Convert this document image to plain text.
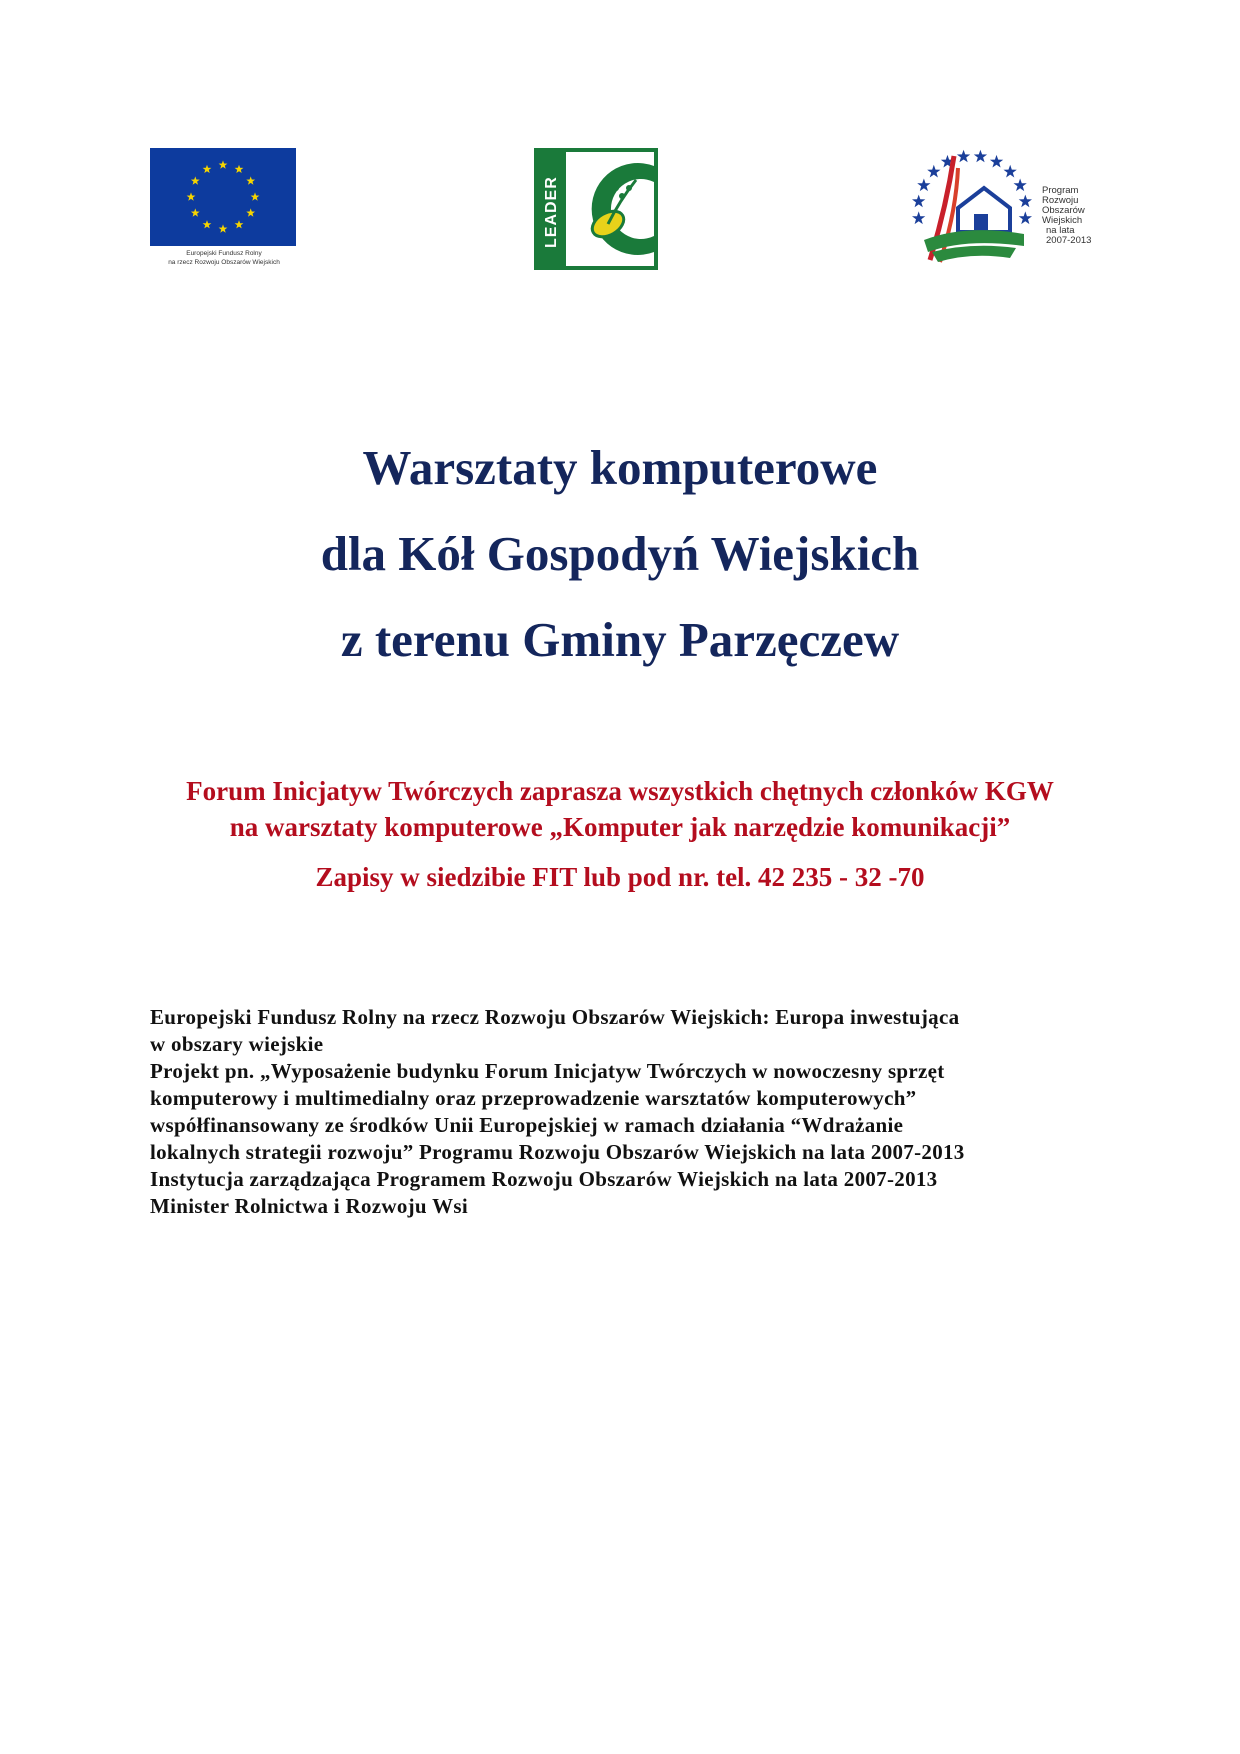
Europejski Fundusz Rolny
na rzecz Rozwoju Obszarów Wiejskich
LEADER	Program
Rozwoju
Obszarów
Wiejskich
na lata 2007-2013
Warsztaty komputerowe
dla Kół Gospodyń Wiejskich
z terenu Gminy Parzęczew
Forum Inicjatyw Twórczych zaprasza wszystkich chętnych członków KGW
na warsztaty komputerowe „Komputer jak narzędzie komunikacji”
Zapisy w siedzibie FIT lub pod nr. tel. 42 235 - 32 -70
Europejski Fundusz Rolny na rzecz Rozwoju Obszarów Wiejskich: Europa inwestująca
w obszary wiejskie
Projekt pn. „Wyposażenie budynku Forum Inicjatyw Twórczych w nowoczesny sprzęt
komputerowy i multimedialny oraz przeprowadzenie warsztatów komputerowych”
współfinansowany ze środków Unii Europejskiej w ramach działania “Wdrażanie
lokalnych strategii rozwoju” Programu Rozwoju Obszarów Wiejskich na lata 2007-2013
Instytucja zarządzająca Programem Rozwoju Obszarów Wiejskich na lata 2007-2013
Minister Rolnictwa i Rozwoju Wsi
